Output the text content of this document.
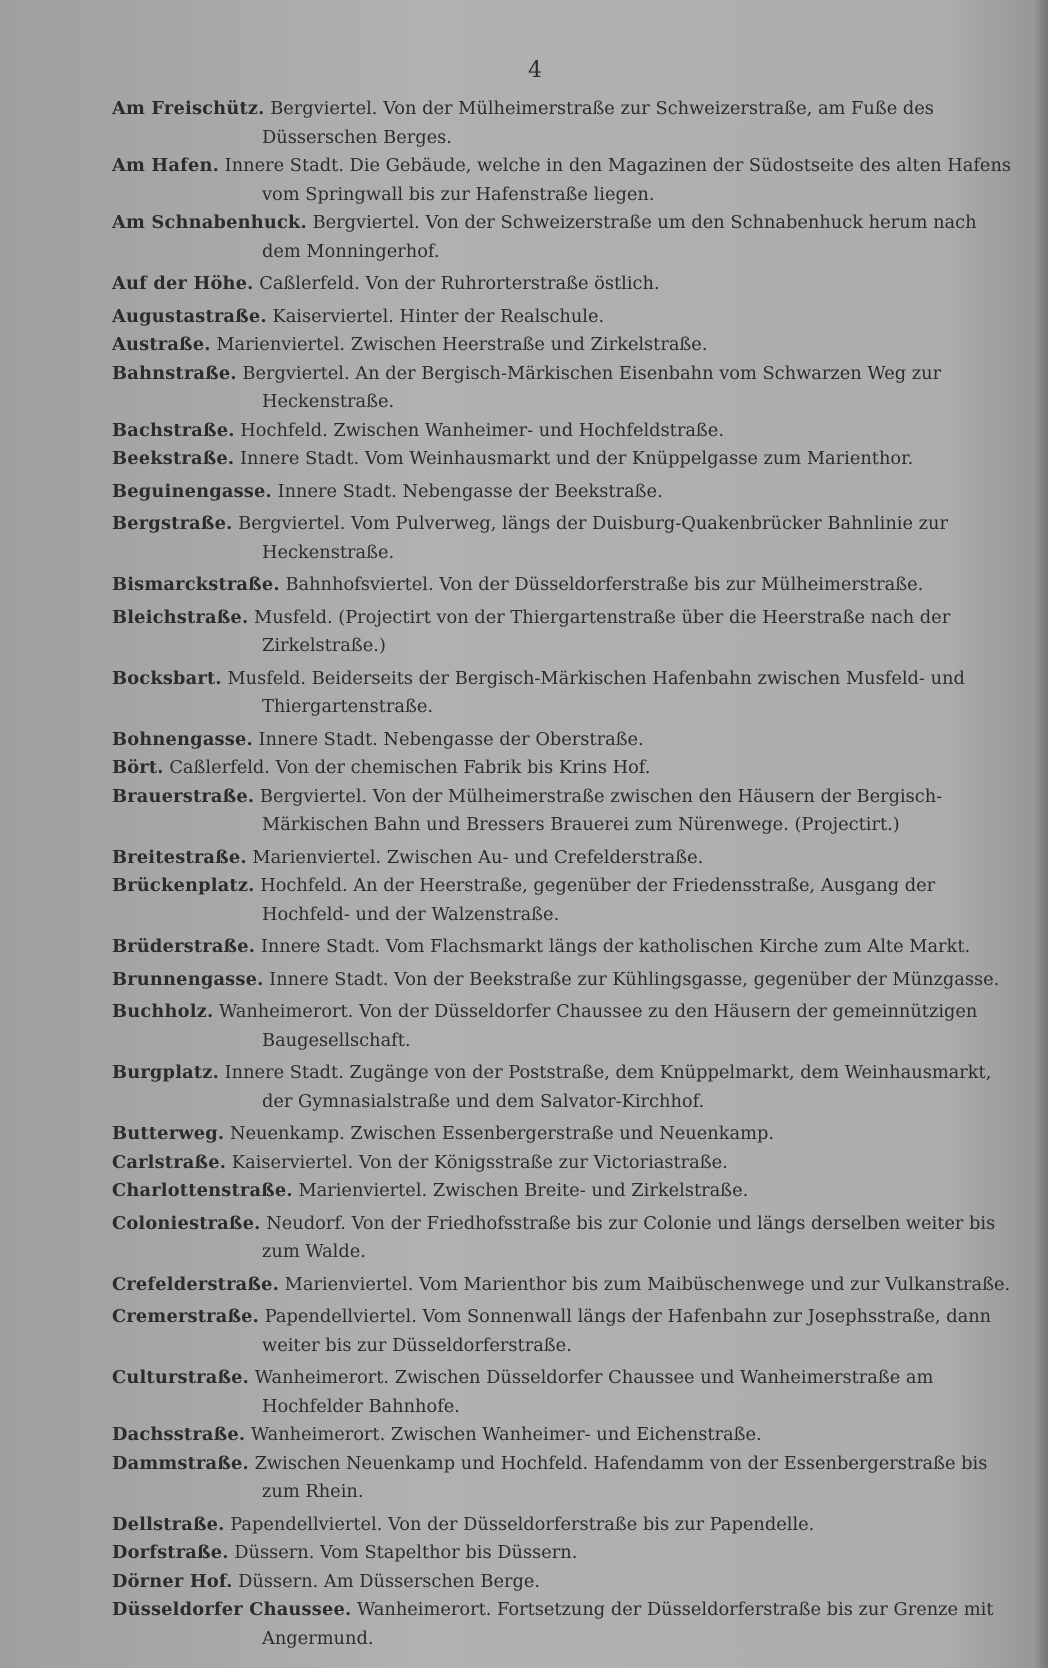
4
Am Freischütz. Bergviertel. Von der Mülheimerstraße zur Schweizerstraße, am Fuße des Düsserschen Berges.
Am Hafen. Innere Stadt. Die Gebäude, welche in den Magazinen der Südostseite des alten Hafens vom Springwall bis zur Hafenstraße liegen.
Am Schnabenhuck. Bergviertel. Von der Schweizerstraße um den Schnabenhuck herum nach dem Monningerhof.
Auf der Höhe. Caßlerfeld. Von der Ruhrorterstraße östlich.
Augustastraße. Kaiserviertel. Hinter der Realschule.
Austraße. Marienviertel. Zwischen Heerstraße und Zirkelstraße.
Bahnstraße. Bergviertel. An der Bergisch-Märkischen Eisenbahn vom Schwarzen Weg zur Heckenstraße.
Bachstraße. Hochfeld. Zwischen Wanheimer- und Hochfeldstraße.
Beekstraße. Innere Stadt. Vom Weinhausmarkt und der Knüppelgasse zum Marienthor.
Beguinengasse. Innere Stadt. Nebengasse der Beekstraße.
Bergstraße. Bergviertel. Vom Pulverweg, längs der Duisburg-Quakenbrücker Bahnlinie zur Heckenstraße.
Bismarckstraße. Bahnhofsviertel. Von der Düsseldorferstraße bis zur Mülheimerstraße.
Bleichstraße. Musfeld. (Projectirt von der Thiergartenstraße über die Heerstraße nach der Zirkelstraße.)
Bocksbart. Musfeld. Beiderseits der Bergisch-Märkischen Hafenbahn zwischen Musfeld- und Thiergartenstraße.
Bohnengasse. Innere Stadt. Nebengasse der Oberstraße.
Bört. Caßlerfeld. Von der chemischen Fabrik bis Krins Hof.
Brauerstraße. Bergviertel. Von der Mülheimerstraße zwischen den Häusern der Bergisch-Märkischen Bahn und Bressers Brauerei zum Nürenwege. (Projectirt.)
Breitestraße. Marienviertel. Zwischen Au- und Crefelderstraße.
Brückenplatz. Hochfeld. An der Heerstraße, gegenüber der Friedensstraße, Ausgang der Hochfeld- und der Walzenstraße.
Brüderstraße. Innere Stadt. Vom Flachsmarkt längs der katholischen Kirche zum Alte Markt.
Brunnengasse. Innere Stadt. Von der Beekstraße zur Kühlingsgasse, gegenüber der Münzgasse.
Buchholz. Wanheimerort. Von der Düsseldorfer Chaussee zu den Häusern der gemeinnützigen Baugesellschaft.
Burgplatz. Innere Stadt. Zugänge von der Poststraße, dem Knüppelmarkt, dem Weinhausmarkt, der Gymnasialstraße und dem Salvator-Kirchhof.
Butterweg. Neuenkamp. Zwischen Essenbergerstraße und Neuenkamp.
Carlstraße. Kaiserviertel. Von der Königsstraße zur Victoriastraße.
Charlottenstraße. Marienviertel. Zwischen Breite- und Zirkelstraße.
Coloniestraße. Neudorf. Von der Friedhofsstraße bis zur Colonie und längs derselben weiter bis zum Walde.
Crefelderstraße. Marienviertel. Vom Marienthor bis zum Maibüschenwege und zur Vulkanstraße.
Cremerstraße. Papendellviertel. Vom Sonnenwall längs der Hafenbahn zur Josephsstraße, dann weiter bis zur Düsseldorferstraße.
Culturstraße. Wanheimerort. Zwischen Düsseldorfer Chaussee und Wanheimerstraße am Hochfelder Bahnhofe.
Dachsstraße. Wanheimerort. Zwischen Wanheimer- und Eichenstraße.
Dammstraße. Zwischen Neuenkamp und Hochfeld. Hafendamm von der Essenbergerstraße bis zum Rhein.
Dellstraße. Papendellviertel. Von der Düsseldorferstraße bis zur Papendelle.
Dorfstraße. Düssern. Vom Stapelthor bis Düssern.
Dörner Hof. Düssern. Am Düsserschen Berge.
Düsseldorfer Chaussee. Wanheimerort. Fortsetzung der Düsseldorferstraße bis zur Grenze mit Angermund.
